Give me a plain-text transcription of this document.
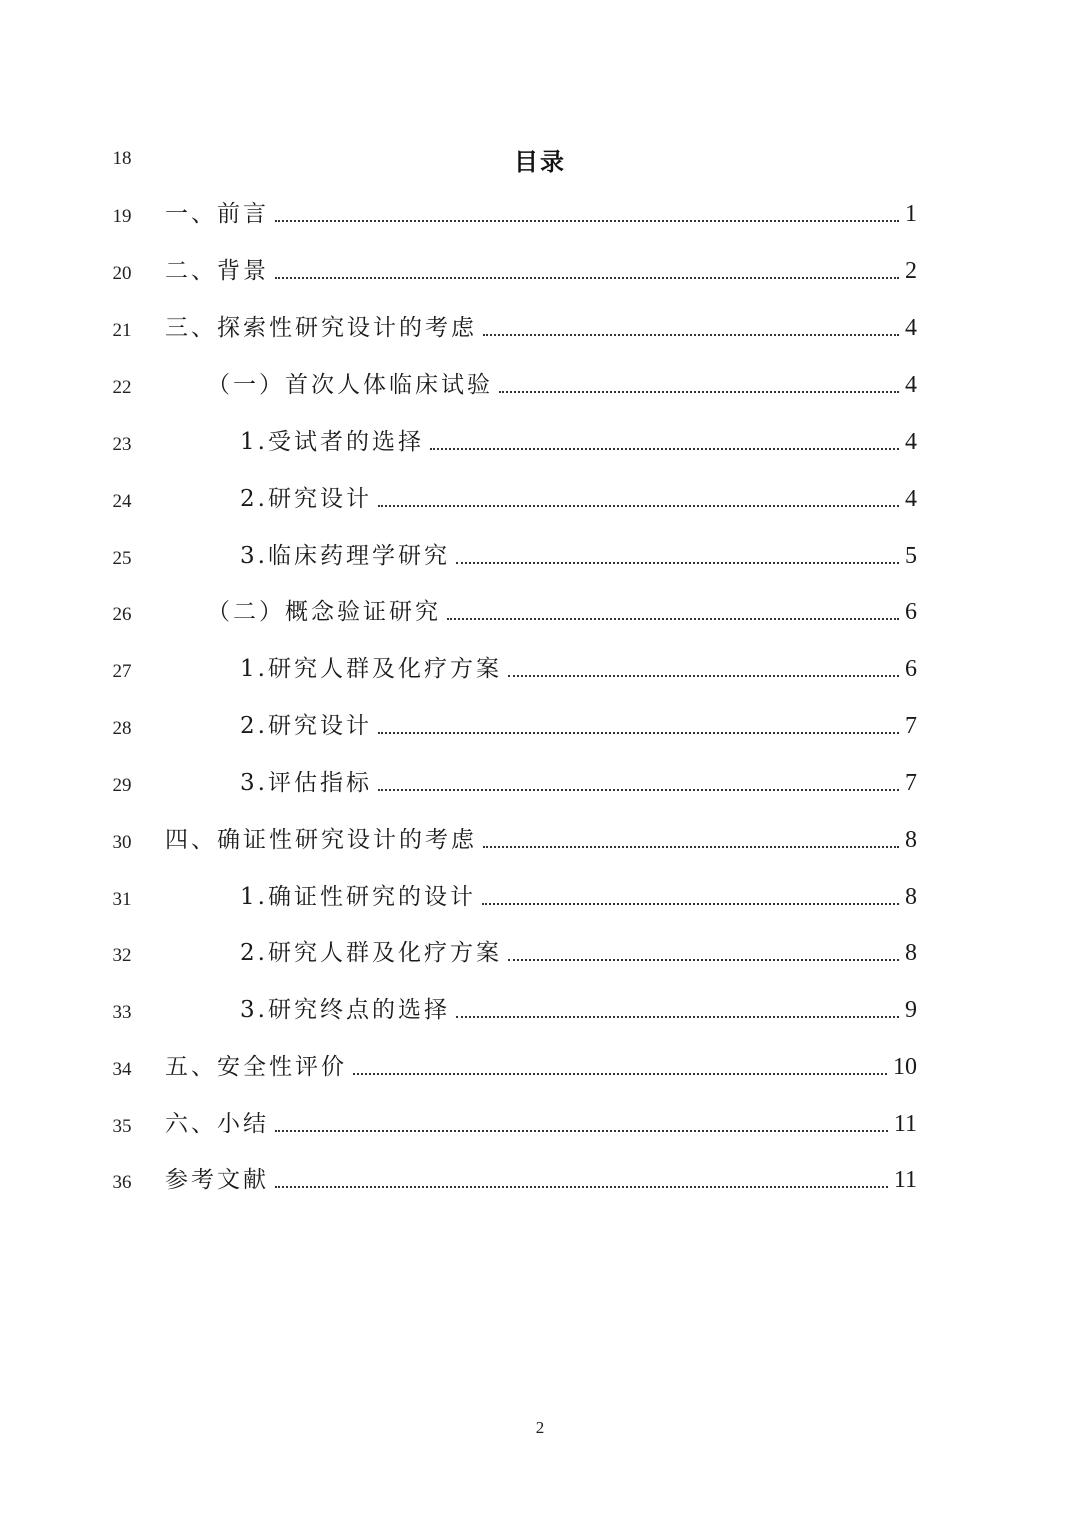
18	目录
19	一、前言	1
20	二、背景	2
21	三、探索性研究设计的考虑	4
22	（一）首次人体临床试验	4
23	1.受试者的选择	4
24	2.研究设计	4
25	3.临床药理学研究	5
26	（二）概念验证研究	6
27	1.研究人群及化疗方案	6
28	2.研究设计	7
29	3.评估指标	7
30	四、确证性研究设计的考虑	8
31	1.确证性研究的设计	8
32	2.研究人群及化疗方案	8
33	3.研究终点的选择	9
34	五、安全性评价	10
35	六、小结	11
36	参考文献	11
2
